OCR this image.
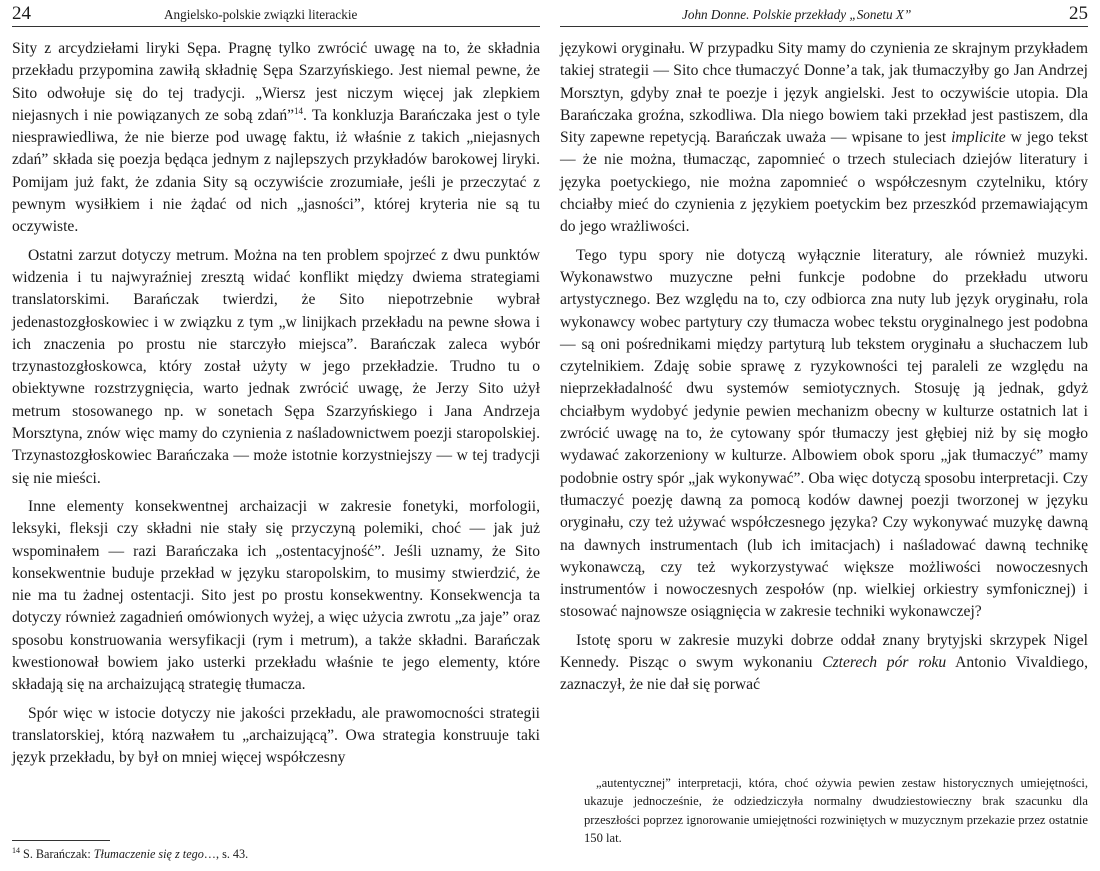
24	Angielsko-polskie związki literackie

Sity z arcydziełami liryki Sępa. Pragnę tylko zwrócić uwagę na to, że składnia przekładu przypomina zawiłą składnię Sępa Szarzyńskiego. Jest niemal pewne, że Sito odwołuje się do tej tradycji. „Wiersz jest niczym więcej jak zlepkiem niejasnych i nie powiązanych ze sobą zdań”$^{14}$. Ta konkluzja Barańczaka jest o tyle niesprawiedliwa, że nie bierze pod uwagę faktu, iż właśnie z takich „niejasnych zdań” składa się poezja będąca jednym z najlepszych przykładów barokowej liryki. Pomijam już fakt, że zdania Sity są oczywiście zrozumiałe, jeśli je przeczytać z pewnym wysiłkiem i nie żądać od nich „jasności”, której kryteria nie są tu oczywiste.

Ostatni zarzut dotyczy metrum. Można na ten problem spojrzeć z dwu punktów widzenia i tu najwyraźniej zresztą widać konflikt między dwiema strategiami translatorskimi. Barańczak twierdzi, że Sito niepotrzebnie wybrał jedenastozgłoskowiec i w związku z tym „w linijkach przekładu na pewne słowa i ich znaczenia po prostu nie starczyło miejsca”. Barańczak zaleca wybór trzynastozgłoskowca, który został użyty w jego przekładzie. Trudno tu o obiektywne rozstrzygnięcia, warto jednak zwrócić uwagę, że Jerzy Sito użył metrum stosowanego np. w sonetach Sępa Szarzyńskiego i Jana Andrzeja Morsztyna, znów więc mamy do czynienia z naśladownictwem poezji staropolskiej. Trzynastozgłoskowiec Barańczaka — może istotnie korzystniejszy — w tej tradycji się nie mieści.

Inne elementy konsekwentnej archaizacji w zakresie fonetyki, morfologii, leksyki, fleksji czy składni nie stały się przyczyną polemiki, choć — jak już wspominałem — razi Barańczaka ich „ostentacyjność”. Jeśli uznamy, że Sito konsekwentnie buduje przekład w języku staropolskim, to musimy stwierdzić, że nie ma tu żadnej ostentacji. Sito jest po prostu konsekwentny. Konsekwencja ta dotyczy również zagadnień omówionych wyżej, a więc użycia zwrotu „za jaje” oraz sposobu konstruowania wersyfikacji (rym i metrum), a także składni. Barańczak kwestionował bowiem jako usterki przekładu właśnie te jego elementy, które składają się na archaizującą strategię tłumacza.

Spór więc w istocie dotyczy nie jakości przekładu, ale prawomocności strategii translatorskiej, którą nazwałem tu „archaizującą”. Owa strategia konstruuje taki język przekładu, by był on mniej więcej współczesny

$^{14}$ S. Barańczak: Tłumaczenie się z tego…, s. 43.
John Donne. Polskie przekłady „Sonetu X”	25

językowi oryginału. W przypadku Sity mamy do czynienia ze skrajnym przykładem takiej strategii — Sito chce tłumaczyć Donne’a tak, jak tłumaczyłby go Jan Andrzej Morsztyn, gdyby znał te poezje i język angielski. Jest to oczywiście utopia. Dla Barańczaka groźna, szkodliwa. Dla niego bowiem taki przekład jest pastiszem, dla Sity zapewne repetycją. Barańczak uważa — wpisane to jest implicite w jego tekst — że nie można, tłumacząc, zapomnieć o trzech stuleciach dziejów literatury i języka poetyckiego, nie można zapomnieć o współczesnym czytelniku, który chciałby mieć do czynienia z językiem poetyckim bez przeszkód przemawiającym do jego wrażliwości.

Tego typu spory nie dotyczą wyłącznie literatury, ale również muzyki. Wykonawstwo muzyczne pełni funkcje podobne do przekładu utworu artystycznego. Bez względu na to, czy odbiorca zna nuty lub język oryginału, rola wykonawcy wobec partytury czy tłumacza wobec tekstu oryginalnego jest podobna — są oni pośrednikami między partyturą lub tekstem oryginału a słuchaczem lub czytelnikiem. Zdaję sobie sprawę z ryzykowności tej paraleli ze względu na nieprzekładalność dwu systemów semiotycznych. Stosuję ją jednak, gdyż chciałbym wydobyć jedynie pewien mechanizm obecny w kulturze ostatnich lat i zwrócić uwagę na to, że cytowany spór tłumaczy jest głębiej niż by się mogło wydawać zakorzeniony w kulturze. Albowiem obok sporu „jak tłumaczyć” mamy podobnie ostry spór „jak wykonywać”. Oba więc dotyczą sposobu interpretacji. Czy tłumaczyć poezję dawną za pomocą kodów dawnej poezji tworzonej w języku oryginału, czy też używać współczesnego języka? Czy wykonywać muzykę dawną na dawnych instrumentach (lub ich imitacjach) i naśladować dawną technikę wykonawczą, czy też wykorzystywać większe możliwości nowoczesnych instrumentów i nowoczesnych zespołów (np. wielkiej orkiestry symfonicznej) i stosować najnowsze osiągnięcia w zakresie techniki wykonawczej?

Istotę sporu w zakresie muzyki dobrze oddał znany brytyjski skrzypek Nigel Kennedy. Pisząc o swym wykonaniu Czterech pór roku Antonio Vivaldiego, zaznaczył, że nie dał się porwać

„autentycznej” interpretacji, która, choć ożywia pewien zestaw historycznych umiejętności, ukazuje jednocześnie, że odziedziczyła normalny dwudziestowieczny brak szacunku dla przeszłości poprzez ignorowanie umiejętności rozwiniętych w muzycznym przekazie przez ostatnie 150 lat.
